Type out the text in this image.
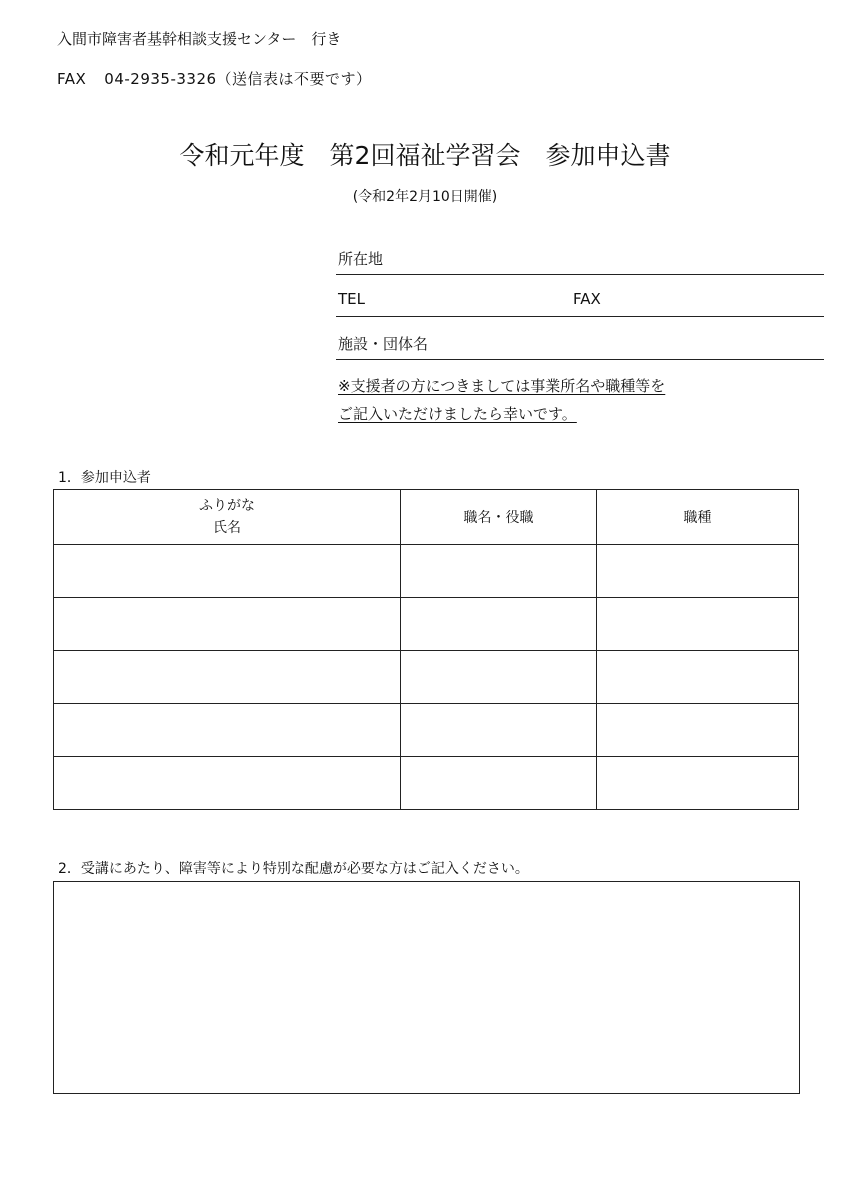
入間市障害者基幹相談支援センター　行き
FAX 04-2935-3326（送信表は不要です）
令和元年度　第2回福祉学習会　参加申込書
(令和2年2月10日開催)
所在地
TEL	FAX
施設・団体名
※支援者の方につきましては事業所名や職種等を
ご記入いただけましたら幸いです。
1．参加申込者
ふりがな
氏名	職名・役職	職種

2．受講にあたり、障害等により特別な配慮が必要な方はご記入ください。
